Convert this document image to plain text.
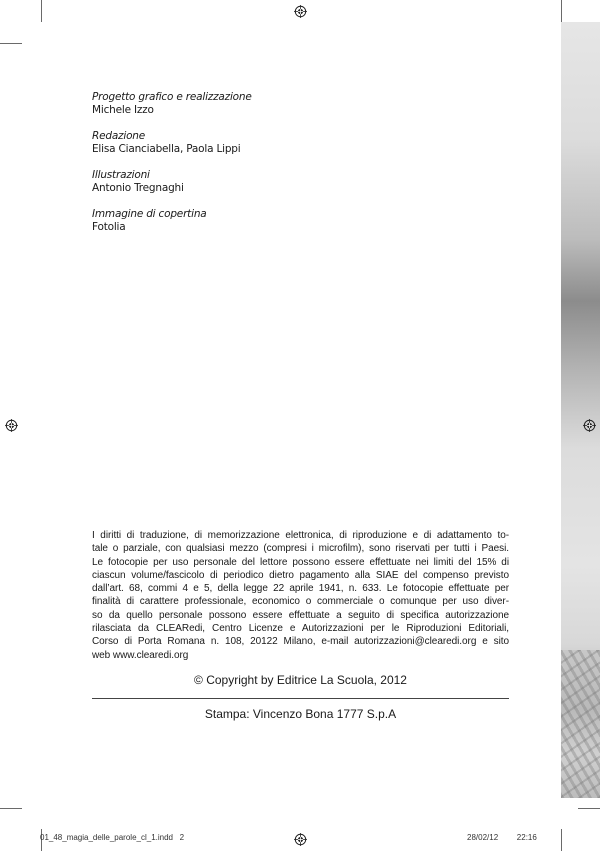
Progetto grafico e realizzazione
Michele Izzo
Redazione
Elisa Cianciabella, Paola Lippi
Illustrazioni
Antonio Tregnaghi
Immagine di copertina
Fotolia
I diritti di traduzione, di memorizzazione elettronica, di riproduzione e di adattamento to-
tale o parziale, con qualsiasi mezzo (compresi i microfilm), sono riservati per tutti i Paesi.
Le fotocopie per uso personale del lettore possono essere effettuate nei limiti del 15% di
ciascun volume/fascicolo di periodico dietro pagamento alla SIAE del compenso previsto
dall’art. 68, commi 4 e 5, della legge 22 aprile 1941, n. 633. Le fotocopie effettuate per
finalità di carattere professionale, economico o commerciale o comunque per uso diver-
so da quello personale possono essere effettuate a seguito di specifica autorizzazione
rilasciata da CLEARedi, Centro Licenze e Autorizzazioni per le Riproduzioni Editoriali,
Corso di Porta Romana n. 108, 20122 Milano, e-mail autorizzazioni@clearedi.org e sito
web www.clearedi.org
© Copyright by Editrice La Scuola, 2012
Stampa: Vincenzo Bona 1777 S.p.A
01_48_magia_delle_parole_cl_1.indd   2	28/02/12   22:16
